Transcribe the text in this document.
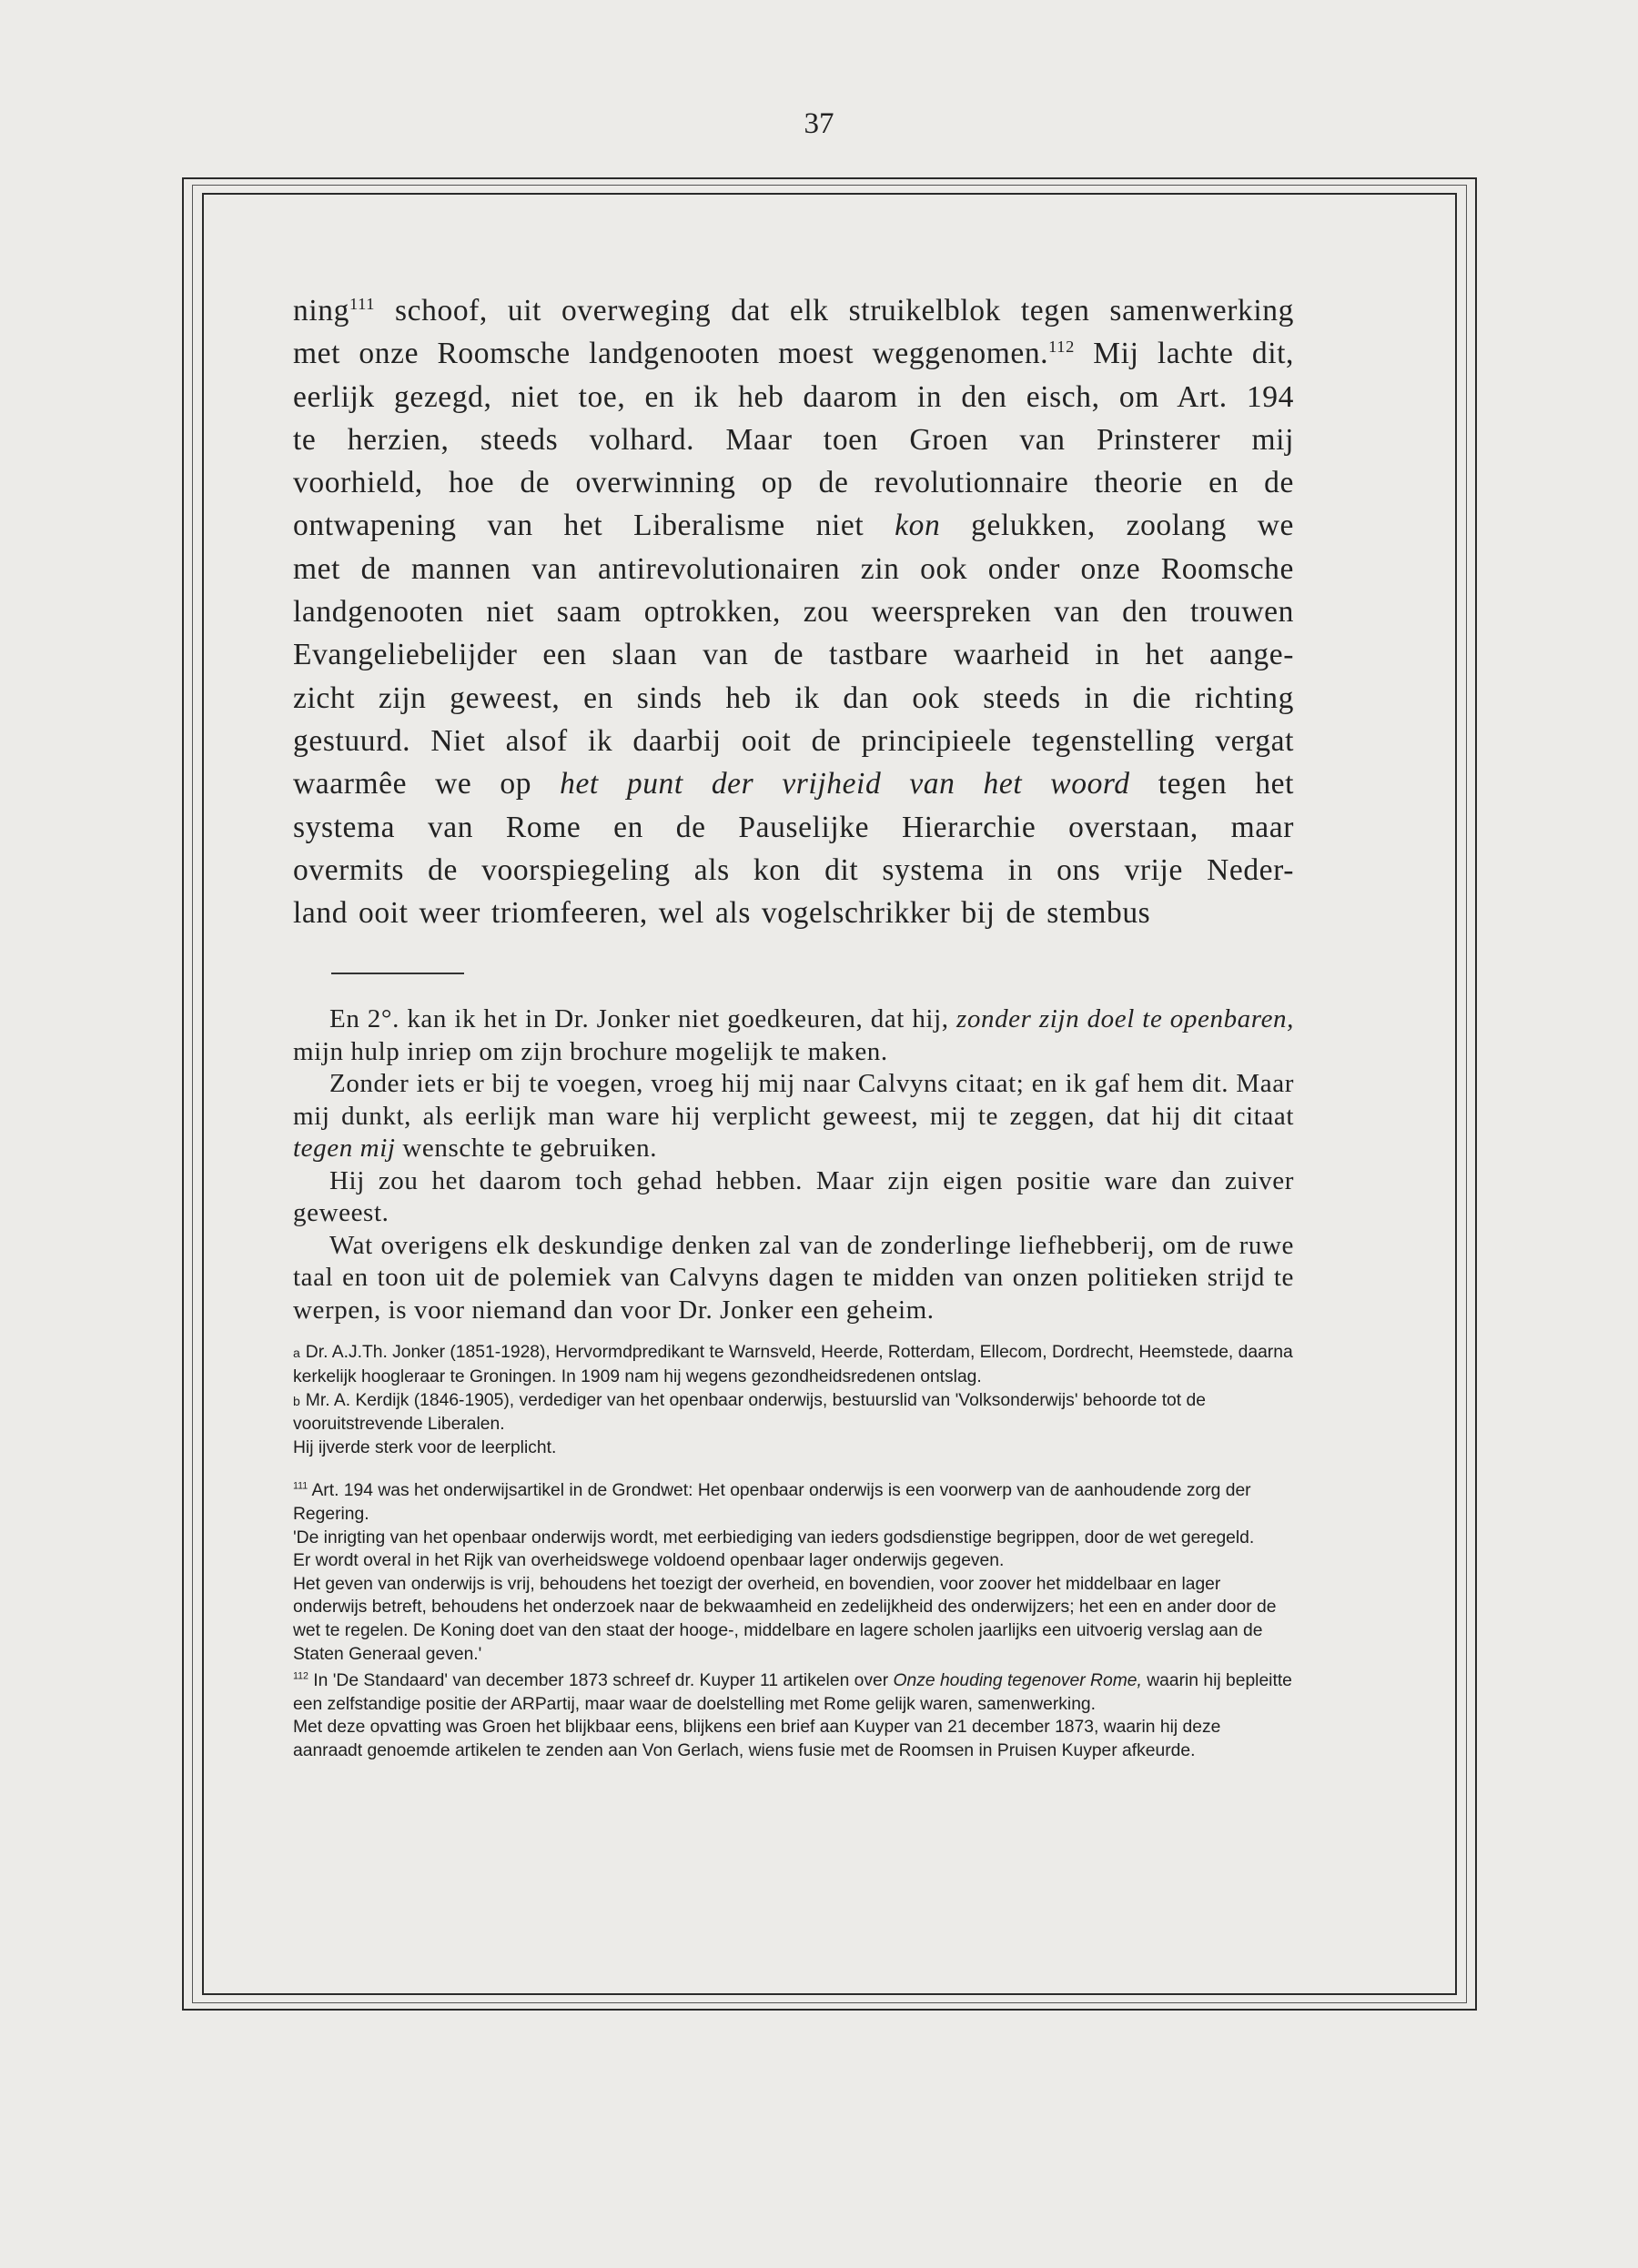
37

ning$^{111}$ schoof, uit overweging dat elk struikelblok tegen samenwerking

met onze Roomsche landgenooten moest weggenomen.$^{112}$ Mij lachte dit,

eerlijk gezegd, niet toe, en ik heb daarom in den eisch, om Art. 194

te herzien, steeds volhard. Maar toen Groen van Prinsterer mij

voorhield, hoe de overwinning op de revolutionnaire theorie en de

ontwapening van het Liberalisme niet kon gelukken, zoolang we

met de mannen van antirevolutionairen zin ook onder onze Roomsche

landgenooten niet saam optrokken, zou weerspreken van den trouwen

Evangeliebelijder een slaan van de tastbare waarheid in het aange-

zicht zijn geweest, en sinds heb ik dan ook steeds in die richting

gestuurd. Niet alsof ik daarbij ooit de principieele tegenstelling vergat

waarmêe we op het punt der vrijheid van het woord tegen het

systema van Rome en de Pauselijke Hierarchie overstaan, maar

overmits de voorspiegeling als kon dit systema in ons vrije Neder-

land ooit weer triomfeeren, wel als vogelschrikker bij de stembus

En 2°. kan ik het in Dr. Jonker niet goedkeuren, dat hij, zonder zijn doel te openbaren, mijn hulp inriep om zijn brochure mogelijk te maken.

Zonder iets er bij te voegen, vroeg hij mij naar Calvyns citaat; en ik gaf hem dit. Maar mij dunkt, als eerlijk man ware hij verplicht geweest, mij te zeggen, dat hij dit citaat tegen mij wenschte te gebruiken.

Hij zou het daarom toch gehad hebben. Maar zijn eigen positie ware dan zuiver geweest.

Wat overigens elk deskundige denken zal van de zonderlinge liefhebberij, om de ruwe taal en toon uit de polemiek van Calvyns dagen te midden van onzen politieken strijd te werpen, is voor niemand dan voor Dr. Jonker een geheim.

a Dr. A.J.Th. Jonker (1851-1928), Hervormdpredikant te Warnsveld, Heerde, Rotterdam, Ellecom, Dordrecht, Heemstede, daarna kerkelijk hoogleraar te Groningen. In 1909 nam hij wegens gezondheidsredenen ontslag.

b Mr. A. Kerdijk (1846-1905), verdediger van het openbaar onderwijs, bestuurslid van 'Volksonderwijs' behoorde tot de vooruitstrevende Liberalen.

Hij ijverde sterk voor de leerplicht.

$^{111}$ Art. 194 was het onderwijsartikel in de Grondwet: Het openbaar onderwijs is een voorwerp van de aanhoudende zorg der Regering.

'De inrigting van het openbaar onderwijs wordt, met eerbiediging van ieders godsdienstige begrippen, door de wet geregeld.

Er wordt overal in het Rijk van overheidswege voldoend openbaar lager onderwijs gegeven.

Het geven van onderwijs is vrij, behoudens het toezigt der overheid, en bovendien, voor zoover het middelbaar en lager onderwijs betreft, behoudens het onderzoek naar de bekwaamheid en zedelijkheid des onderwijzers; het een en ander door de wet te regelen. De Koning doet van den staat der hooge-, middelbare en lagere scholen jaarlijks een uitvoerig verslag aan de Staten Generaal geven.'

$^{112}$ In 'De Standaard' van december 1873 schreef dr. Kuyper 11 artikelen over Onze houding tegenover Rome, waarin hij bepleitte een zelfstandige positie der ARPartij, maar waar de doelstelling met Rome gelijk waren, samenwerking.

Met deze opvatting was Groen het blijkbaar eens, blijkens een brief aan Kuyper van 21 december 1873, waarin hij deze aanraadt genoemde artikelen te zenden aan Von Gerlach, wiens fusie met de Roomsen in Pruisen Kuyper afkeurde.
